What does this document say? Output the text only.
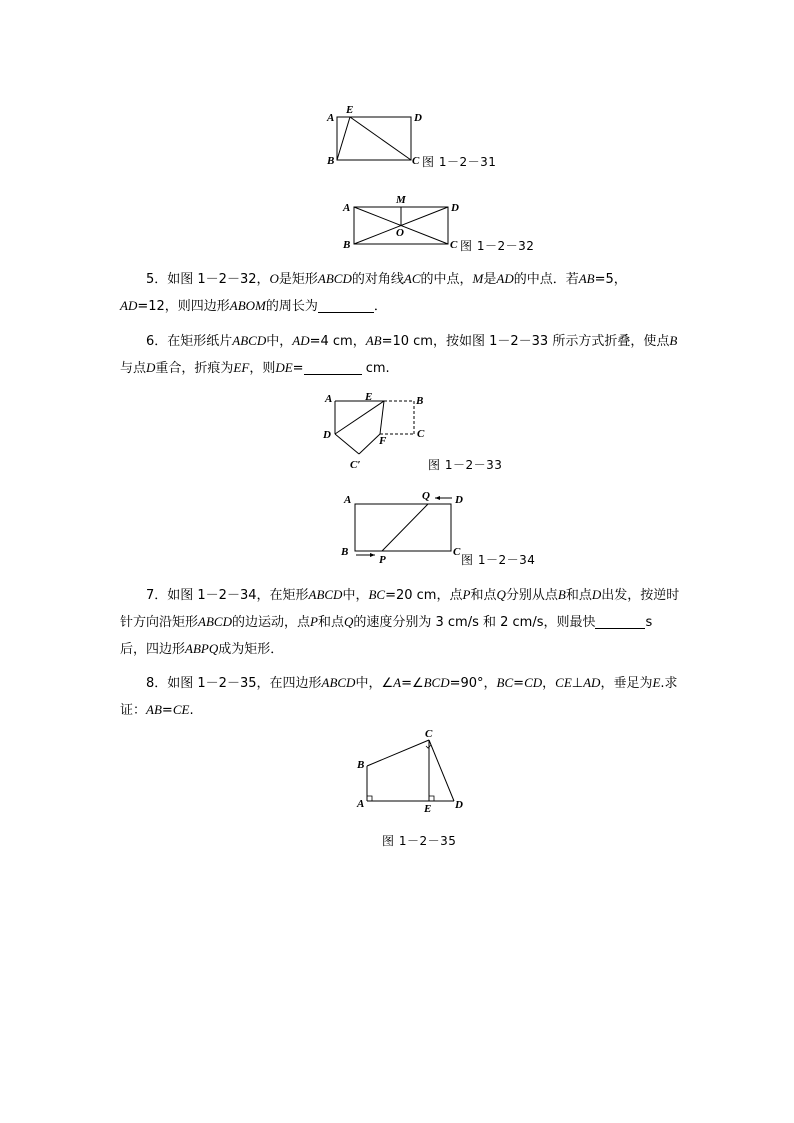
A
E
D
B	C 图 1－2－31
A
M
D
O
B	C 图 1－2－32

5．如图 1－2－32，O是矩形ABCD的对角线AC的中点，M是AD的中点．若AB=5，AD=12，则四边形ABOM的周长为	．

6．在矩形纸片ABCD中，AD=4 cm，AB=10 cm，按如图 1－2－33 所示方式折叠，使点B与点D重合，折痕为EF，则DE=	cm.

A	E	B
D	F
C
C′	图 1－2－33
A	Q D
B
P
C
图 1－2－34

7．如图 1－2－34，在矩形ABCD中，BC=20 cm，点P和点Q分别从点B和点D出发，按逆时针方向沿矩形ABCD的边运动，点P和点Q的速度分别为 3 cm/s 和 2 cm/s，则最快	s 后，四边形ABPQ成为矩形．

8．如图 1－2－35，在四边形ABCD中，∠A=∠BCD=90°，BC=CD，CE⊥AD，垂足为E.求证：AB=CE.

C
B
A	E D
图 1－2－35
